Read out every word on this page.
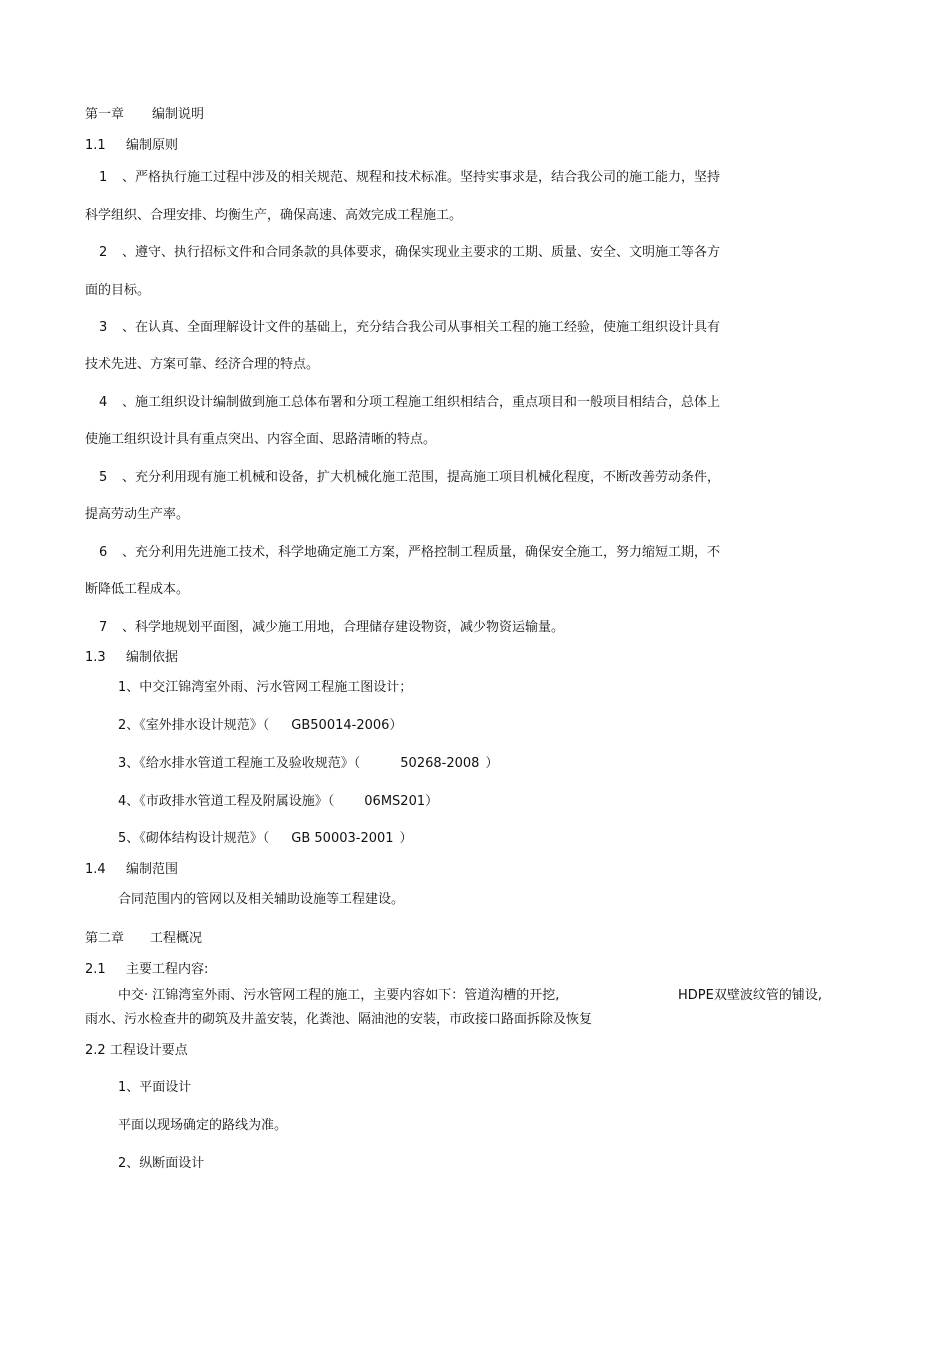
第一章 编制说明
1.1 编制原则
1 、严格执行施工过程中涉及的相关规范、规程和技术标准。坚持实事求是，结合我公司的施工能力，坚持
科学组织、合理安排、均衡生产，确保高速、高效完成工程施工。
2 、遵守、执行招标文件和合同条款的具体要求，确保实现业主要求的工期、质量、安全、文明施工等各方
面的目标。
3 、在认真、全面理解设计文件的基础上，充分结合我公司从事相关工程的施工经验，使施工组织设计具有
技术先进、方案可靠、经济合理的特点。
4 、施工组织设计编制做到施工总体布署和分项工程施工组织相结合，重点项目和一般项目相结合，总体上
使施工组织设计具有重点突出、内容全面、思路清晰的特点。
5 、充分利用现有施工机械和设备，扩大机械化施工范围，提高施工项目机械化程度，不断改善劳动条件，
提高劳动生产率。
6 、充分利用先进施工技术，科学地确定施工方案，严格控制工程质量，确保安全施工，努力缩短工期，不
断降低工程成本。
7 、科学地规划平面图，减少施工用地，合理储存建设物资，减少物资运输量。
1.3 编制依据
1、中交江锦湾室外雨、污水管网工程施工图设计；
2、《室外排水设计规范》（ GB50014-2006）
3、《给水排水管道工程施工及验收规范》（	50268-2008 ）
4、《市政排水管道工程及附属设施》（ 06MS201）
5、《砌体结构设计规范》（ GB 50003-2001 ）
1.4 编制范围
合同范围内的管网以及相关辅助设施等工程建设。
第二章 工程概况
2.1 主要工程内容:
中交· 江锦湾室外雨、污水管网工程的施工，主要内容如下：管道沟槽的开挖,	HDPE双壁波纹管的铺设,
雨水、污水检查井的砌筑及井盖安装，化粪池、隔油池的安装，市政接口路面拆除及恢复
2.2 工程设计要点
1、平面设计
平面以现场确定的路线为准。
2、纵断面设计
